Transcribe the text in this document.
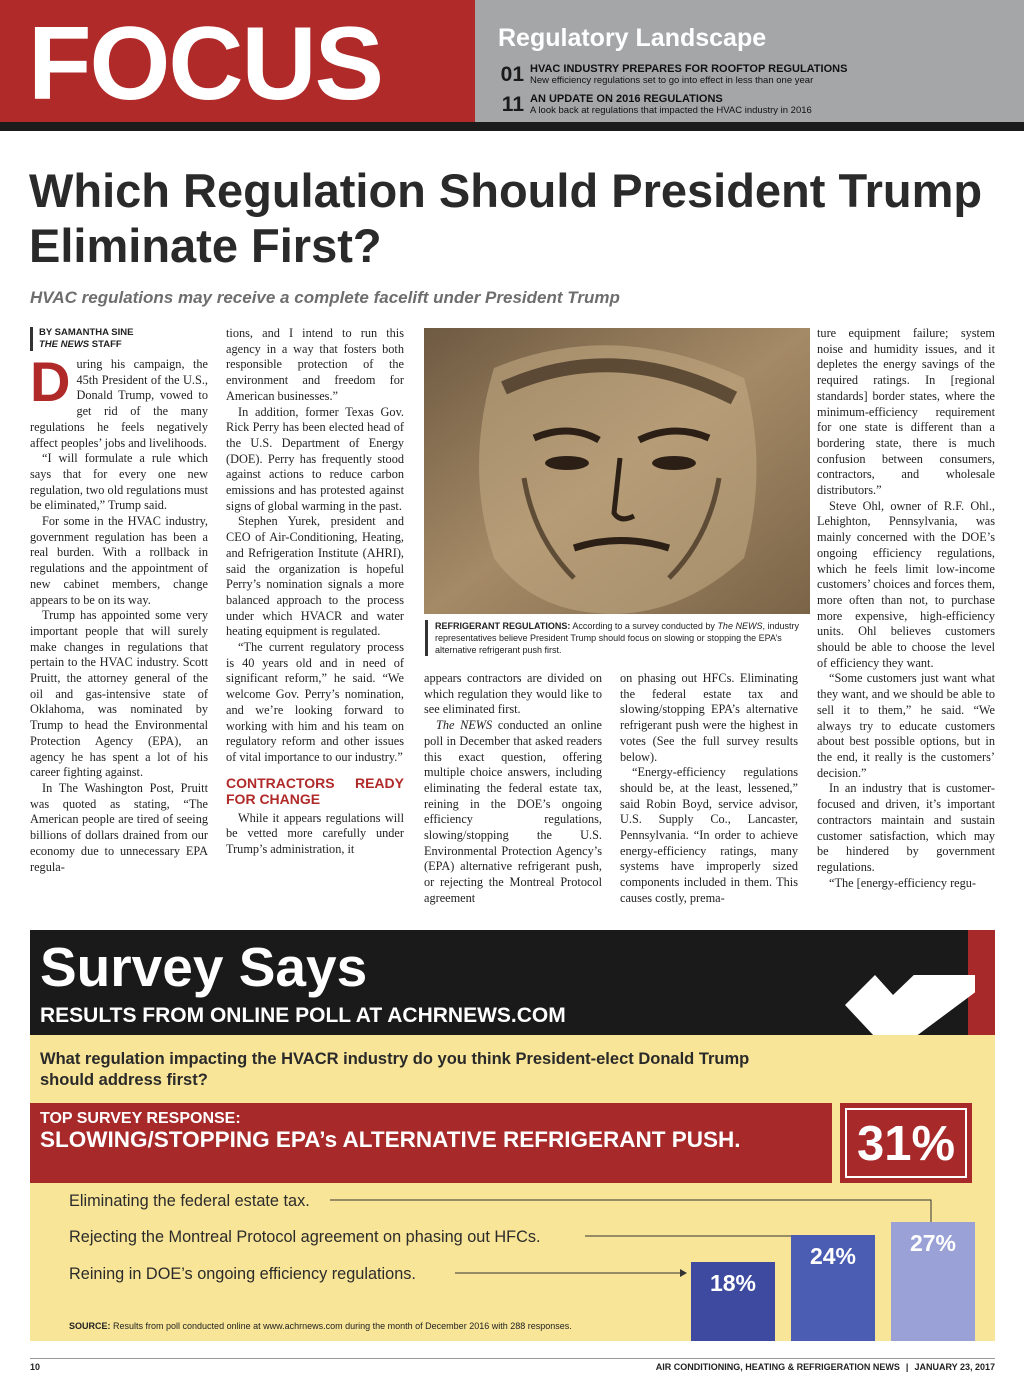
FOCUS	Regulatory Landscape
01 HVAC INDUSTRY PREPARES FOR ROOFTOP REGULATIONS
New efficiency regulations set to go into effect in less than one year
11 AN UPDATE ON 2016 REGULATIONS
A look back at regulations that impacted the HVAC industry in 2016
Which Regulation Should President Trump Eliminate First?
HVAC regulations may receive a complete facelift under President Trump
BY SAMANTHA SINE
THE NEWS STAFF

During his campaign, the 45th President of the U.S., Donald Trump, vowed to get rid of the many regulations he feels negatively affect peoples’ jobs and livelihoods.

“I will formulate a rule which says that for every one new regulation, two old regulations must be eliminated,” Trump said.

For some in the HVAC industry, government regulation has been a real burden. With a rollback in regulations and the appointment of new cabinet members, change appears to be on its way.

Trump has appointed some very important people that will surely make changes in regulations that pertain to the HVAC industry. Scott Pruitt, the attorney general of the oil and gas-intensive state of Oklahoma, was nominated by Trump to head the Environmental Protection Agency (EPA), an agency he has spent a lot of his career fighting against.

In The Washington Post, Pruitt was quoted as stating, “The American people are tired of seeing billions of dollars drained from our economy due to unnecessary EPA regula-

tions, and I intend to run this agency in a way that fosters both responsible protection of the environment and freedom for American businesses.”

In addition, former Texas Gov. Rick Perry has been elected head of the U.S. Department of Energy (DOE). Perry has frequently stood against actions to reduce carbon emissions and has protested against signs of global warming in the past.

Stephen Yurek, president and CEO of Air-Conditioning, Heating, and Refrigeration Institute (AHRI), said the organization is hopeful Perry’s nomination signals a more balanced approach to the process under which HVACR and water heating equipment is regulated.

“The current regulatory process is 40 years old and in need of significant reform,” he said. “We welcome Gov. Perry’s nomination, and we’re looking forward to working with him and his team on regulatory reform and other issues of vital importance to our industry.”

CONTRACTORS READY FOR CHANGE

While it appears regulations will be vetted more carefully under Trump’s administration, it

REFRIGERANT REGULATIONS: According to a survey conducted by The NEWS, industry representatives believe President Trump should focus on slowing or stopping the EPA’s alternative refrigerant push first.

appears contractors are divided on which regulation they would like to see eliminated first.

The NEWS conducted an online poll in December that asked readers this exact question, offering multiple choice answers, including eliminating the federal estate tax, reining in the DOE’s ongoing efficiency regulations, slowing/stopping the U.S. Environmental Protection Agency’s (EPA) alternative refrigerant push, or rejecting the Montreal Protocol agreement

on phasing out HFCs. Eliminating the federal estate tax and slowing/stopping EPA’s alternative refrigerant push were the highest in votes (See the full survey results below).

“Energy-efficiency regulations should be, at the least, lessened,” said Robin Boyd, service advisor, U.S. Supply Co., Lancaster, Pennsylvania. “In order to achieve energy-efficiency ratings, many systems have improperly sized components included in them. This causes costly, prema-

ture equipment failure; system noise and humidity issues, and it depletes the energy savings of the required ratings. In [regional standards] border states, where the minimum-efficiency requirement for one state is different than a bordering state, there is much confusion between consumers, contractors, and wholesale distributors.”

Steve Ohl, owner of R.F. Ohl., Lehighton, Pennsylvania, was mainly concerned with the DOE’s ongoing efficiency regulations, which he feels limit low-income customers’ choices and forces them, more often than not, to purchase more expensive, high-efficiency units. Ohl believes customers should be able to choose the level of efficiency they want.

“Some customers just want what they want, and we should be able to sell it to them,” he said. “We always try to educate customers about best possible options, but in the end, it really is the customers’ decision.”

In an industry that is customer-focused and driven, it’s important contractors maintain and sustain customer satisfaction, which may be hindered by government regulations.

“The [energy-efficiency regu-

Survey Says
RESULTS FROM ONLINE POLL AT ACHRNEWS.COM
What regulation impacting the HVACR industry do you think President-elect Donald Trump should address first?
TOP SURVEY RESPONSE:
SLOWING/STOPPING EPA’s ALTERNATIVE REFRIGERANT PUSH.	31%
Eliminating the federal estate tax.
Rejecting the Montreal Protocol agreement on phasing out HFCs.
Reining in DOE’s ongoing efficiency regulations.	18%
24%	27%
SOURCE: Results from poll conducted online at www.achrnews.com during the month of December 2016 with 288 responses.
10	AIR CONDITIONING, HEATING & REFRIGERATION NEWS | JANUARY 23, 2017
